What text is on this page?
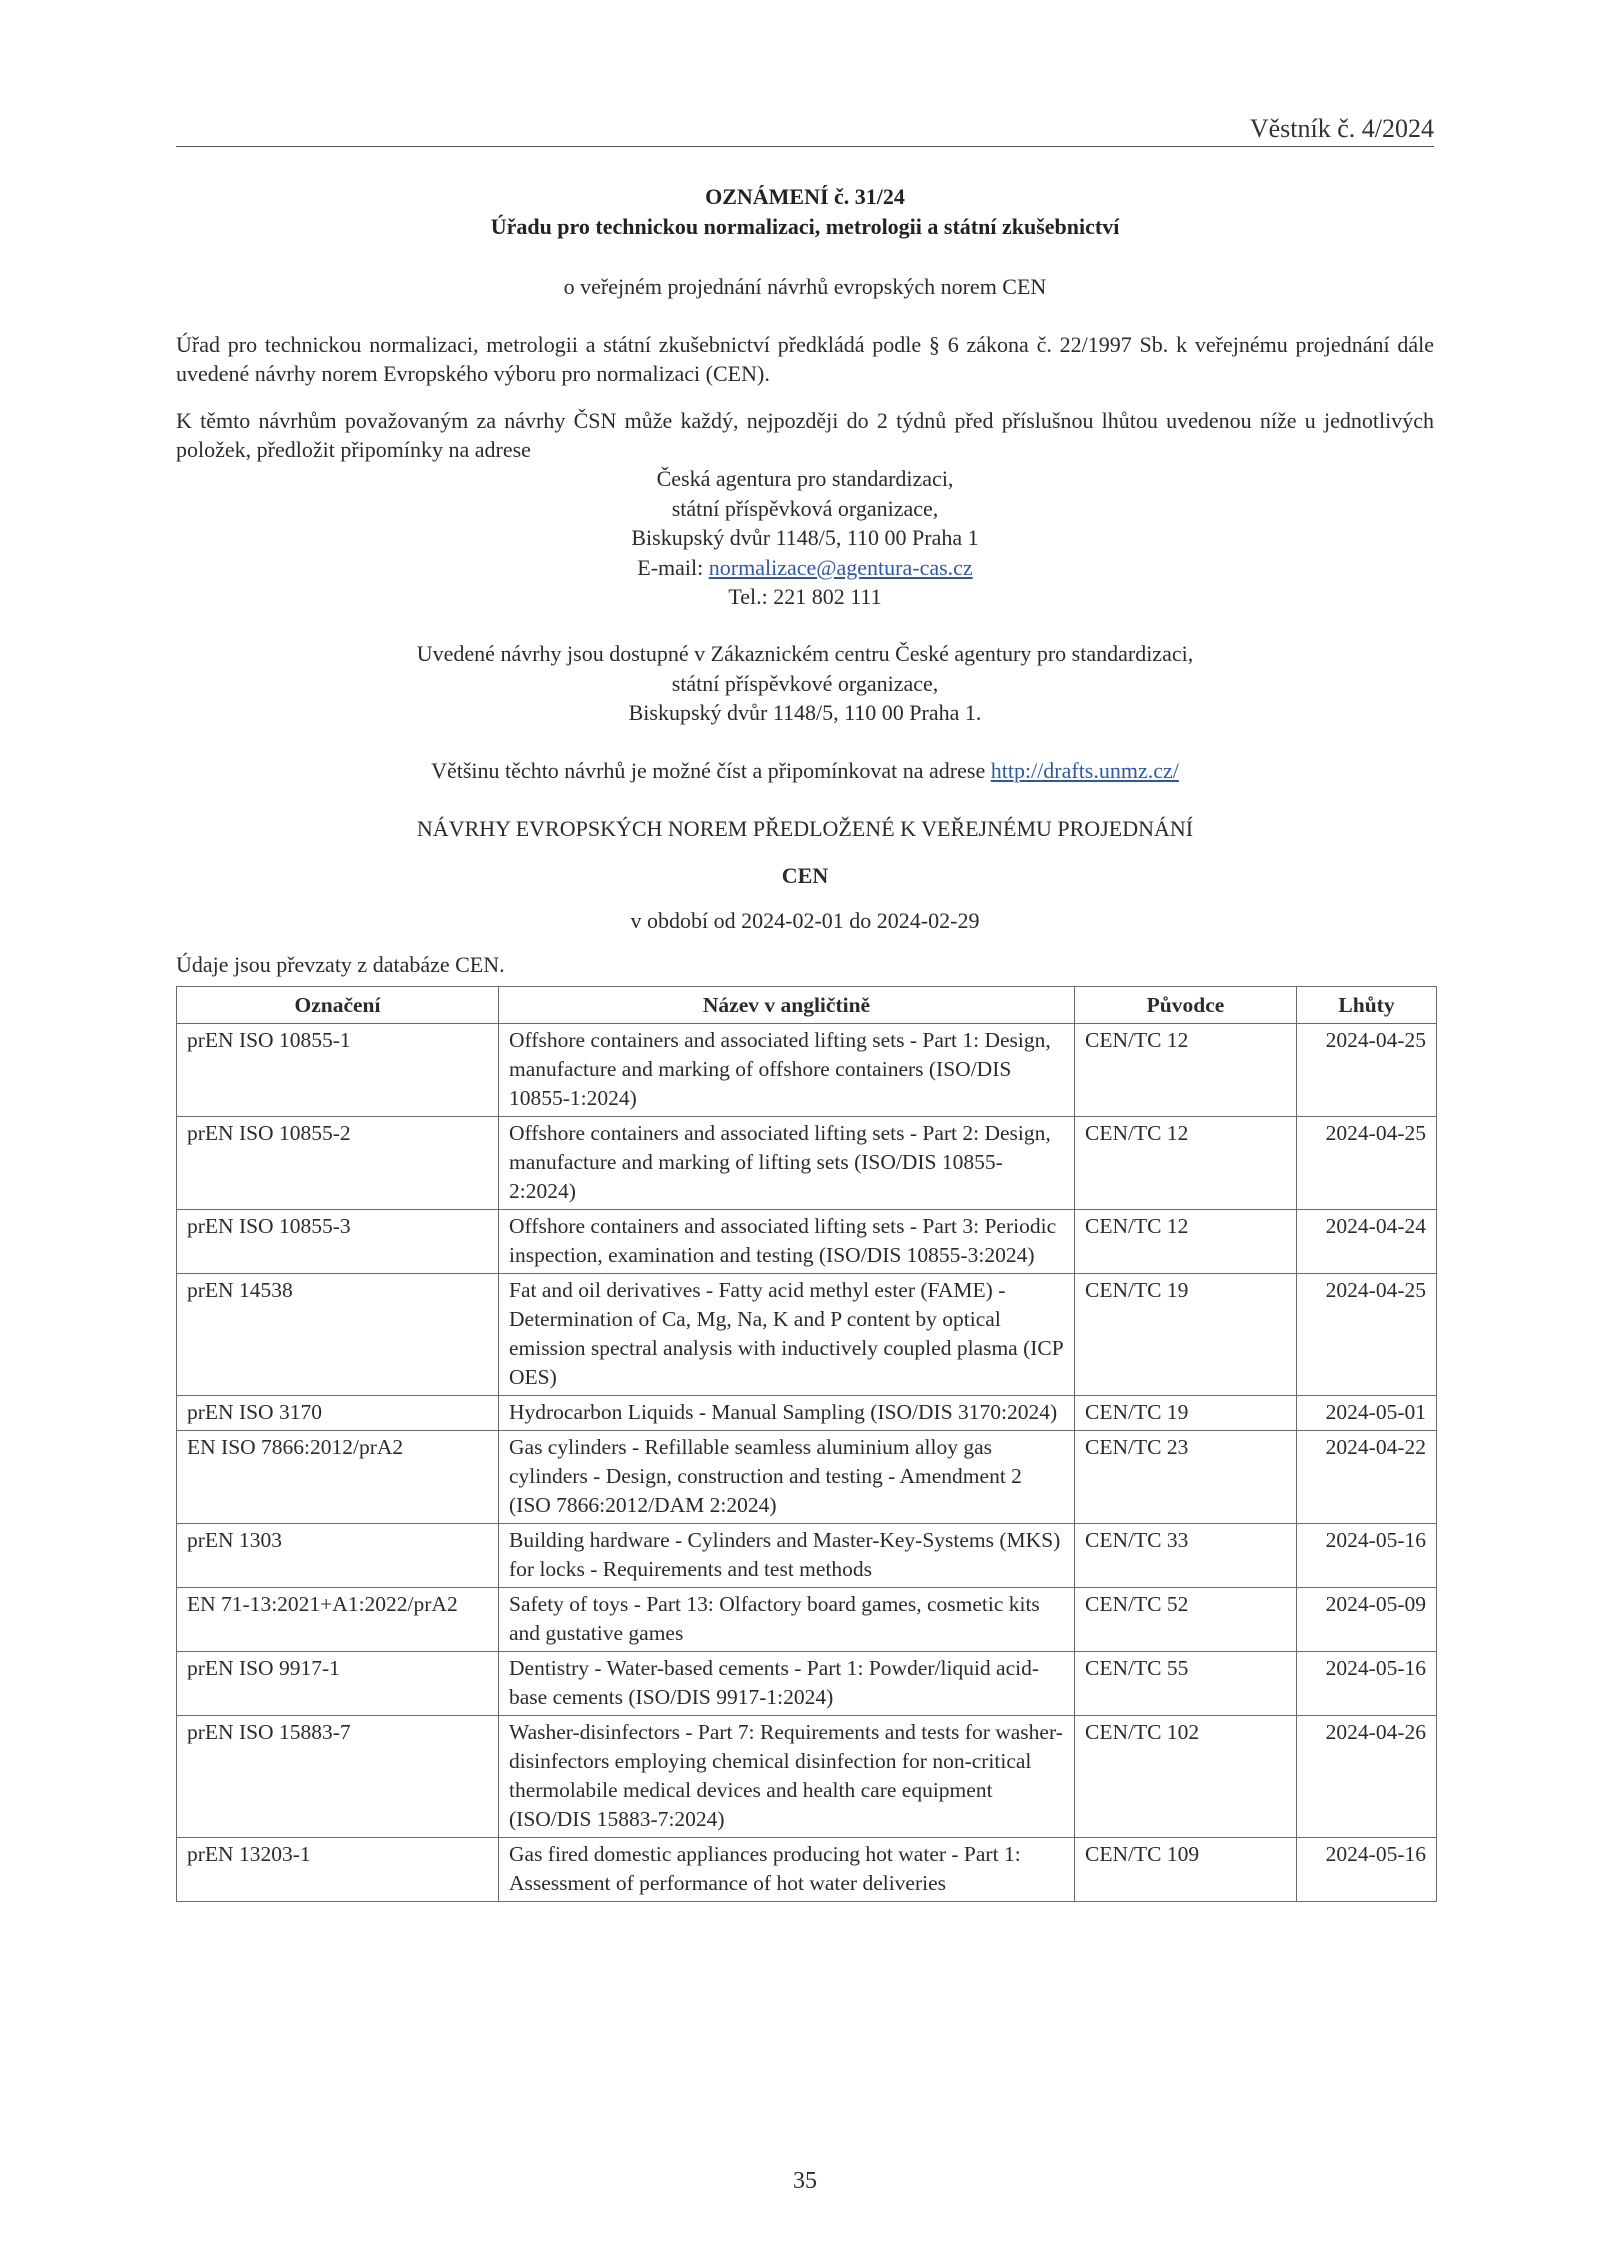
Věstník č. 4/2024
OZNÁMENÍ č. 31/24
Úřadu pro technickou normalizaci, metrologii a státní zkušebnictví
o veřejném projednání návrhů evropských norem CEN
Úřad pro technickou normalizaci, metrologii a státní zkušebnictví předkládá podle § 6 zákona č. 22/1997 Sb. k veřejnému projednání dále uvedené návrhy norem Evropského výboru pro normalizaci (CEN).
K těmto návrhům považovaným za návrhy ČSN může každý, nejpozději do 2 týdnů před příslušnou lhůtou uvedenou níže u jednotlivých položek, předložit připomínky na adrese
Česká agentura pro standardizaci,
státní příspěvková organizace,
Biskupský dvůr 1148/5, 110 00 Praha 1
E-mail: normalizace@agentura-cas.cz
Tel.: 221 802 111
Uvedené návrhy jsou dostupné v Zákaznickém centru České agentury pro standardizaci,
státní příspěvkové organizace,
Biskupský dvůr 1148/5, 110 00 Praha 1.
Většinu těchto návrhů je možné číst a připomínkovat na adrese http://drafts.unmz.cz/
NÁVRHY EVROPSKÝCH NOREM PŘEDLOŽENÉ K VEŘEJNÉMU PROJEDNÁNÍ
CEN
v období od 2024-02-01 do 2024-02-29
Údaje jsou převzaty z databáze CEN.
Označení	Název v angličtině	Původce	Lhůty
prEN ISO 10855-1	Offshore containers and associated lifting sets - Part 1: Design, manufacture and marking of offshore containers (ISO/DIS 10855-1:2024)	CEN/TC 12	2024-04-25
prEN ISO 10855-2	Offshore containers and associated lifting sets - Part 2: Design, manufacture and marking of lifting sets (ISO/DIS 10855-2:2024)	CEN/TC 12	2024-04-25
prEN ISO 10855-3	Offshore containers and associated lifting sets - Part 3: Periodic inspection, examination and testing (ISO/DIS 10855-3:2024)	CEN/TC 12	2024-04-24
prEN 14538	Fat and oil derivatives - Fatty acid methyl ester (FAME) - Determination of Ca, Mg, Na, K and P content by optical emission spectral analysis with inductively coupled plasma (ICP OES)	CEN/TC 19	2024-04-25
prEN ISO 3170	Hydrocarbon Liquids - Manual Sampling (ISO/DIS 3170:2024)	CEN/TC 19	2024-05-01
EN ISO 7866:2012/prA2	Gas cylinders - Refillable seamless aluminium alloy gas cylinders - Design, construction and testing - Amendment 2 (ISO 7866:2012/DAM 2:2024)	CEN/TC 23	2024-04-22
prEN 1303	Building hardware - Cylinders and Master-Key-Systems (MKS) for locks - Requirements and test methods	CEN/TC 33	2024-05-16
EN 71-13:2021+A1:2022/prA2	Safety of toys - Part 13: Olfactory board games, cosmetic kits and gustative games	CEN/TC 52	2024-05-09
prEN ISO 9917-1	Dentistry - Water-based cements - Part 1: Powder/liquid acid-base cements (ISO/DIS 9917-1:2024)	CEN/TC 55	2024-05-16
prEN ISO 15883-7	Washer-disinfectors - Part 7: Requirements and tests for washer-disinfectors employing chemical disinfection for non-critical thermolabile medical devices and health care equipment (ISO/DIS 15883-7:2024)	CEN/TC 102	2024-04-26
prEN 13203-1	Gas fired domestic appliances producing hot water - Part 1: Assessment of performance of hot water deliveries	CEN/TC 109	2024-05-16
35
